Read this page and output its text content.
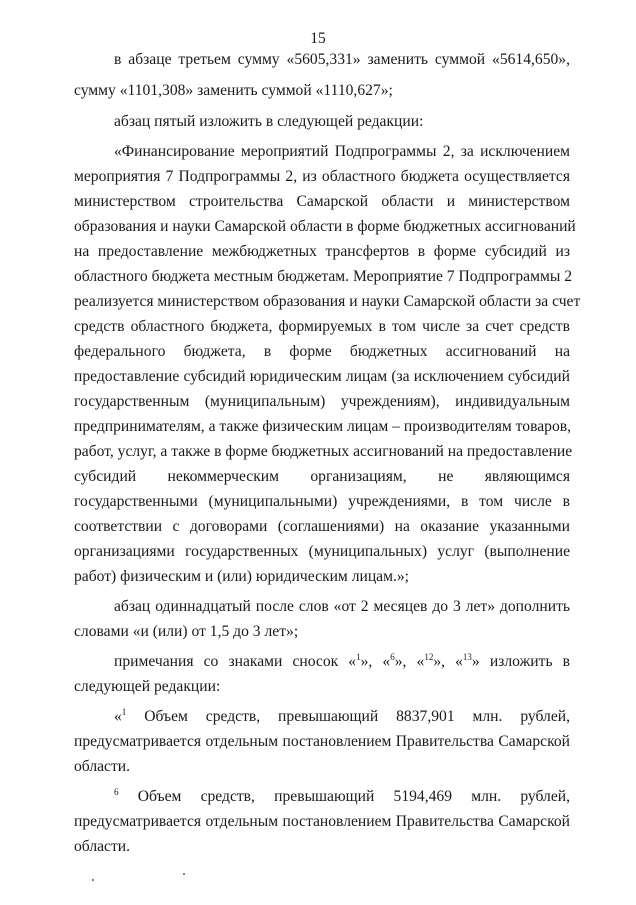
15
в абзаце третьем сумму «5605,331» заменить суммой «5614,650»,
сумму «1101,308» заменить суммой «1110,627»;
абзац пятый изложить в следующей редакции:
«Финансирование мероприятий Подпрограммы 2, за исключением
мероприятия 7 Подпрограммы 2, из областного бюджета осуществляется
министерством строительства Самарской области и министерством
образования и науки Самарской области в форме бюджетных ассигнований
на предоставление межбюджетных трансфертов в форме субсидий из
областного бюджета местным бюджетам. Мероприятие 7 Подпрограммы 2
реализуется министерством образования и науки Самарской области за счет
средств областного бюджета, формируемых в том числе за счет средств
федерального бюджета, в форме бюджетных ассигнований на
предоставление субсидий юридическим лицам (за исключением субсидий
государственным (муниципальным) учреждениям), индивидуальным
предпринимателям, а также физическим лицам – производителям товаров,
работ, услуг, а также в форме бюджетных ассигнований на предоставление
субсидий некоммерческим организациям, не являющимся
государственными (муниципальными) учреждениями, в том числе в
соответствии с договорами (соглашениями) на оказание указанными
организациями государственных (муниципальных) услуг (выполнение
работ) физическим и (или) юридическим лицам.»;
абзац одиннадцатый после слов «от 2 месяцев до 3 лет» дополнить
словами «и (или) от 1,5 до 3 лет»;
примечания со знаками сносок «$^1$», «$^6$», «$^{12}$», «$^{13}$» изложить в
следующей редакции:
«$^1$ Объем средств, превышающий 8837,901 млн. рублей,
предусматривается отдельным постановлением Правительства Самарской
области.
$^6$ Объем средств, превышающий 5194,469 млн. рублей,
предусматривается отдельным постановлением Правительства Самарской
области.
